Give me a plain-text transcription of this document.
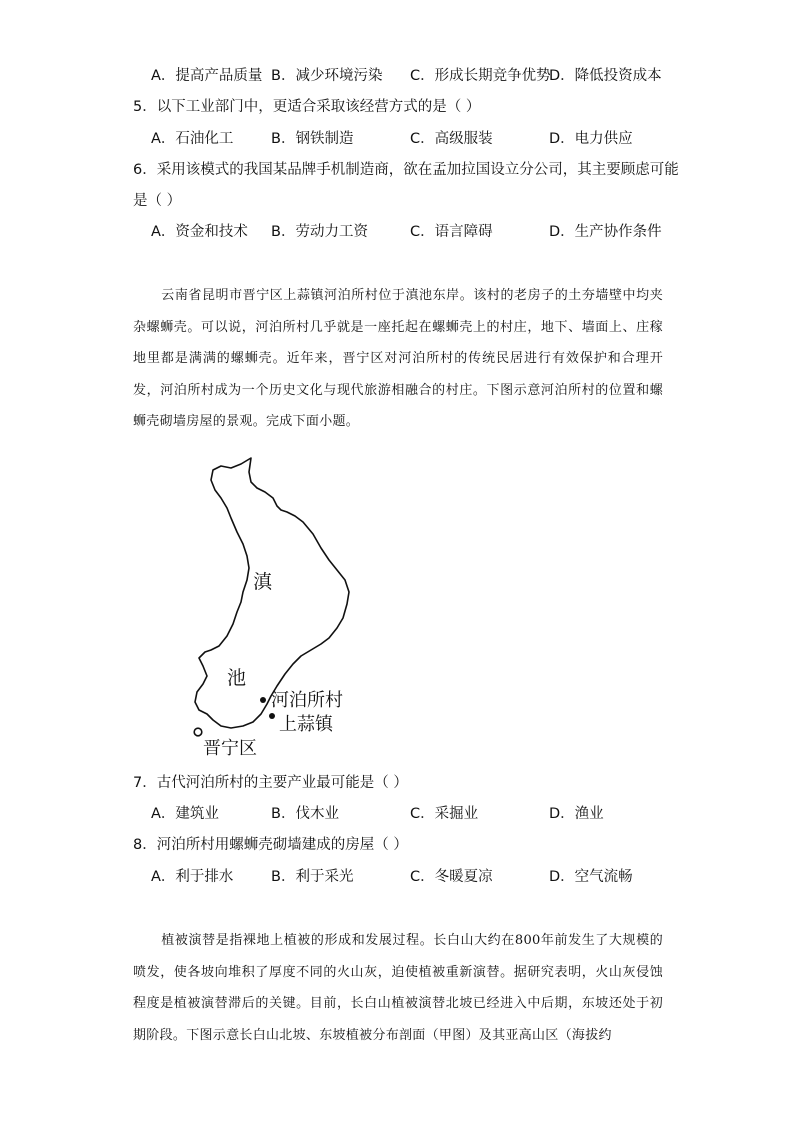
A．提高产品质量 B．减少环境污染 C．形成长期竞争优势
D．降低投资成本
5．以下工业部门中，更适合采取该经营方式的是（ ）
A．石油化工	B．钢铁制造	C．高级服装	D．电力供应
6．采用该模式的我国某品牌手机制造商，欲在孟加拉国设立分公司，其主要顾虑可能
是（ ）
A．资金和技术 B．劳动力工资	C．语言障碍	D．生产协作条件
云南省昆明市晋宁区上蒜镇河泊所村位于滇池东岸。该村的老房子的土夯墙壁中均夹杂螺蛳壳。可以说，河泊所村几乎就是一座托起在螺蛳壳上的村庄，地下、墙面上、庄稼地里都是满满的螺蛳壳。近年来，晋宁区对河泊所村的传统民居进行有效保护和合理开发，河泊所村成为一个历史文化与现代旅游相融合的村庄。下图示意河泊所村的位置和螺蛳壳砌墙房屋的景观。完成下面小题。
滇
池
河泊所村
上蒜镇
晋宁区
7．古代河泊所村的主要产业最可能是（ ）
A．建筑业	B．伐木业	C．采掘业	D．渔业
8．河泊所村用螺蛳壳砌墙建成的房屋（ ）
A．利于排水	B．利于采光	C．冬暖夏凉	D．空气流畅
植被演替是指裸地上植被的形成和发展过程。长白山大约在800年前发生了大规模的喷发，使各坡向堆积了厚度不同的火山灰，迫使植被重新演替。据研究表明，火山灰侵蚀程度是植被演替滞后的关键。目前，长白山植被演替北坡已经进入中后期，东坡还处于初期阶段。下图示意长白山北坡、东坡植被分布剖面（甲图）及其亚高山区（海拔约
